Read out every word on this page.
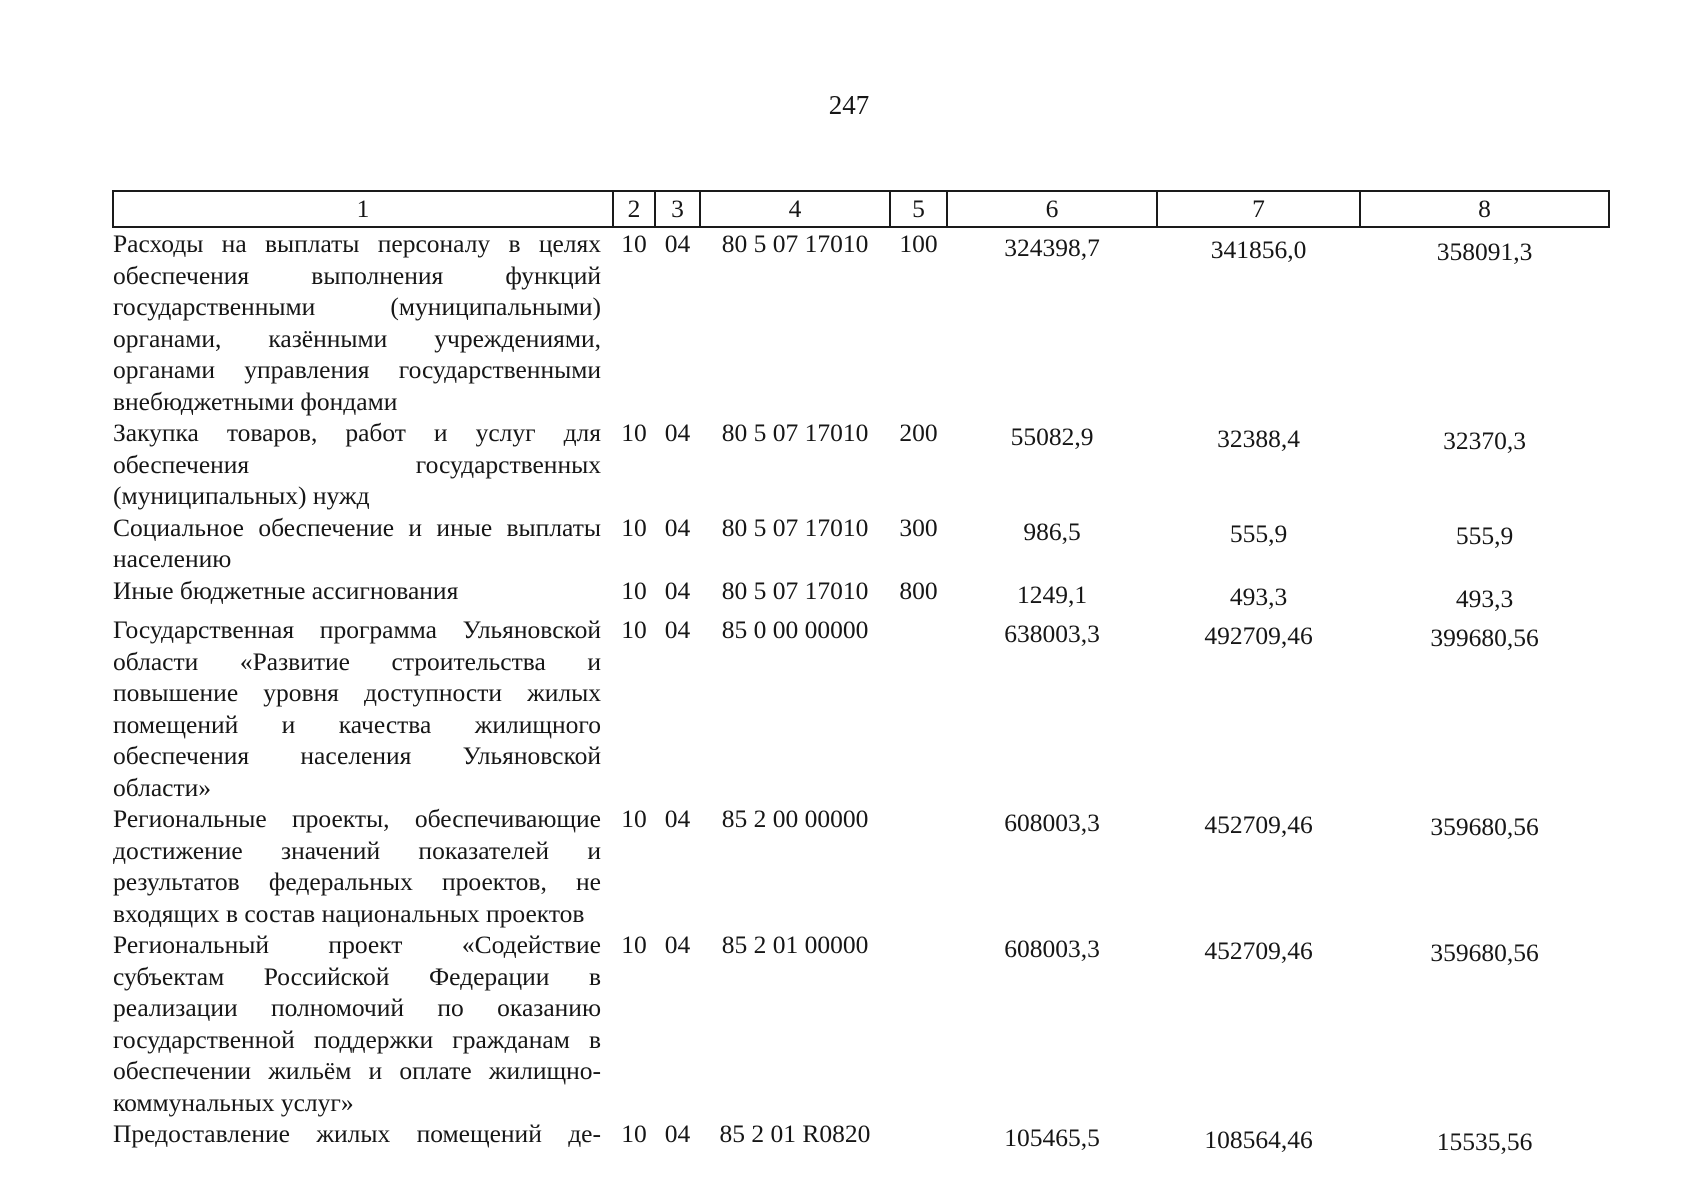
247
1	2	3	4	5	6	7	8
Расходы на выплаты персоналу в целях обеспечения выполнения функций государственными (муниципальными) органами, казёнными учреждениями, органами управления государственными внебюджетными фондами	10	04	80 5 07 17010	100	324398,7	341856,0	358091,3
Закупка товаров, работ и услуг для обеспечения государственных (муниципальных) нужд	10	04	80 5 07 17010	200	55082,9	32388,4	32370,3
Социальное обеспечение и иные выплаты населению	10	04	80 5 07 17010	300	986,5	555,9	555,9
Иные бюджетные ассигнования	10	04	80 5 07 17010	800	1249,1	493,3	493,3
Государственная программа Ульяновской области «Развитие строительства и повышение уровня доступности жилых помещений и качества жилищного обеспечения населения Ульяновской области»	10	04	85 0 00 00000		638003,3	492709,46	399680,56
Региональные проекты, обеспечивающие достижение значений показателей и результатов федеральных проектов, не входящих в состав национальных проектов	10	04	85 2 00 00000		608003,3	452709,46	359680,56
Региональный проект «Содействие субъектам Российской Федерации в реализации полномочий по оказанию государственной поддержки гражданам в обеспечении жильём и оплате жилищно-коммунальных услуг»	10	04	85 2 01 00000		608003,3	452709,46	359680,56
Предоставление жилых помещений де-	10	04	85 2 01 R0820		105465,5	108564,46	15535,56
